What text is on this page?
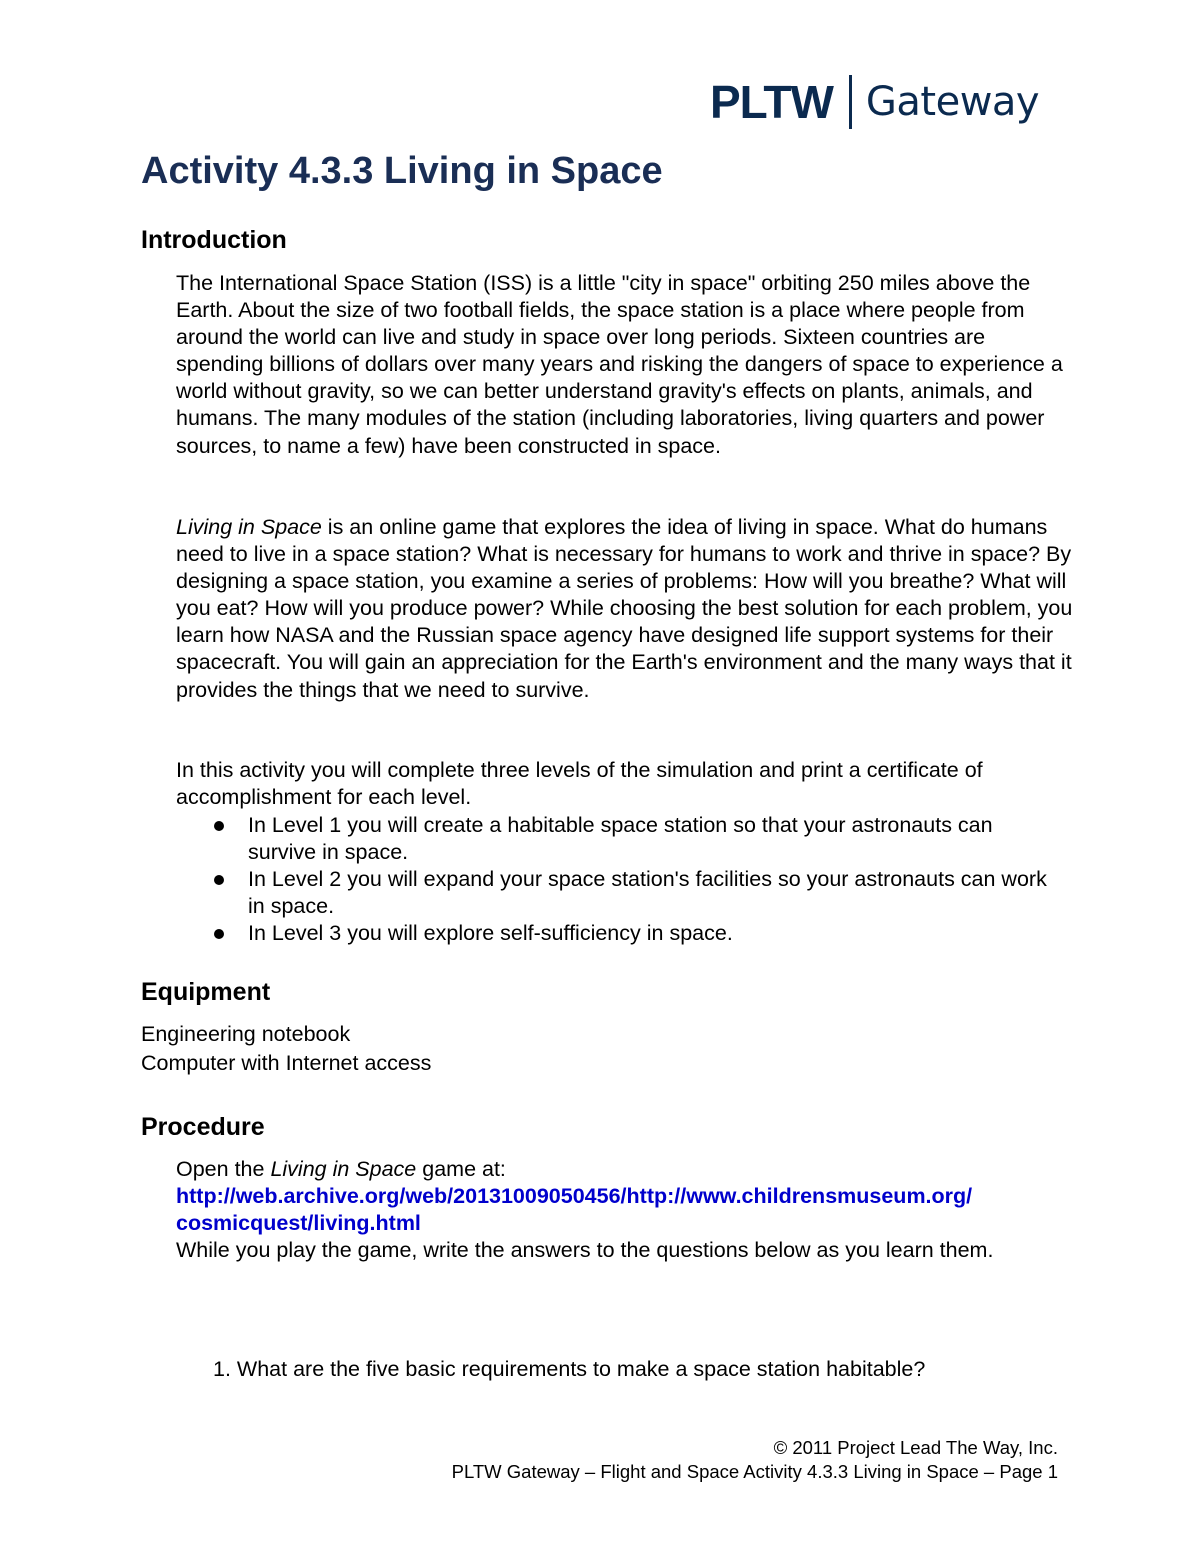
PLTW Gateway
Activity 4.3.3 Living in Space
Introduction

The International Space Station (ISS) is a little "city in space" orbiting 250 miles above the Earth. About the size of two football fields, the space station is a place where people from around the world can live and study in space over long periods. Sixteen countries are spending billions of dollars over many years and risking the dangers of space to experience a world without gravity, so we can better understand gravity's effects on plants, animals, and humans. The many modules of the station (including laboratories, living quarters and power sources, to name a few) have been constructed in space.

Living in Space is an online game that explores the idea of living in space. What do humans need to live in a space station? What is necessary for humans to work and thrive in space? By designing a space station, you examine a series of problems: How will you breathe? What will you eat? How will you produce power? While choosing the best solution for each problem, you learn how NASA and the Russian space agency have designed life support systems for their spacecraft. You will gain an appreciation for the Earth's environment and the many ways that it provides the things that we need to survive.

In this activity you will complete three levels of the simulation and print a certificate of accomplishment for each level.

In Level 1 you will create a habitable space station so that your astronauts can survive in space.
In Level 2 you will expand your space station's facilities so your astronauts can work in space.
In Level 3 you will explore self-sufficiency in space.
Equipment
Engineering notebook
Computer with Internet access
Procedure
Open the Living in Space game at:
http://web.archive.org/web/20131009050456/http://www.childrensmuseum.org/
cosmicquest/living.html
While you play the game, write the answers to the questions below as you learn them.
1. What are the five basic requirements to make a space station habitable?
© 2011 Project Lead The Way, Inc.
PLTW Gateway – Flight and Space Activity 4.3.3 Living in Space – Page 1
